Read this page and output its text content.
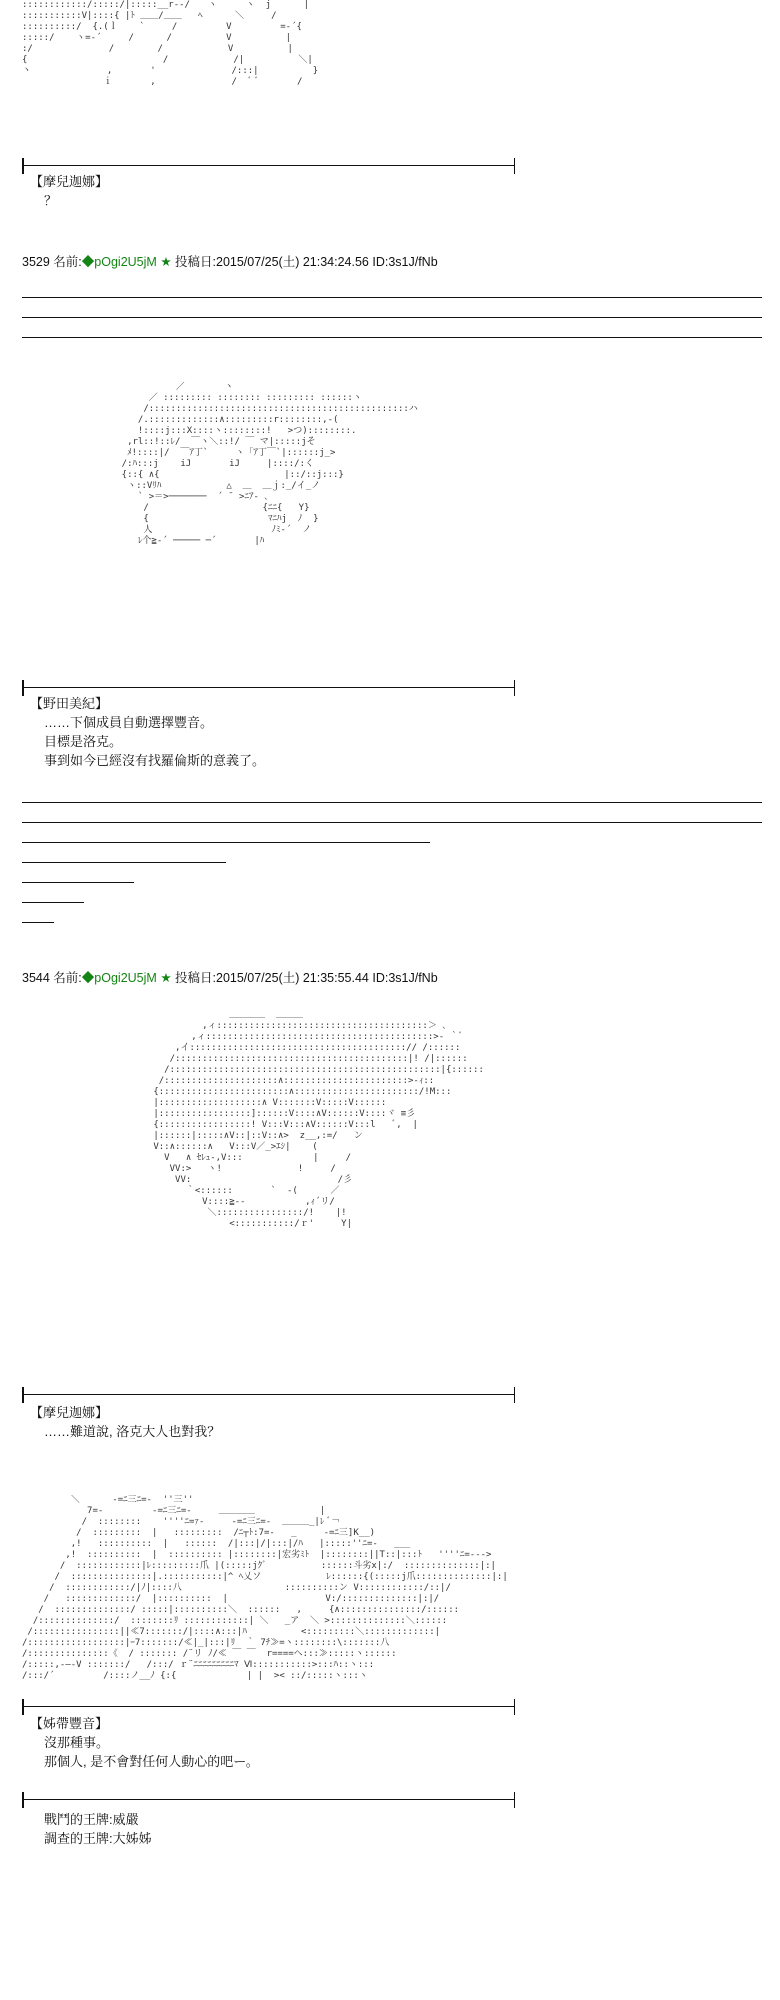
::::::::::::/:::::/|:::::__r‐-/￣￣ヽ￣ ￣ ヽ  j      |
:::::::::::V|::::{ |ﾄ ＿＿/＿＿   ﾍ      ＼     /
::::::::::/  {.(ｌ    `     /         V         =-´{
:::::/    ヽ=-´     /      /          V          |
:/              /        /            V          |
{                         /            /|          ＼|
丶              ,       '              /:::|          }
ｉ       ,              /  ﾞ ﾞ       /
【摩兒迦娜】
？
3529 名前:◆pOgi2U5jM ★ 投稿日:2015/07/25(土) 21:34:24.56 ID:3s1J/fNb
／￣    ￣ヽ
／ ::::::::: :::::::: ::::::::: ::::::ヽ
/::::::::::::::::::::::::::::::::::::::::::::::::ハ
/.:::::::::::::∧:::::::::r::::::::,-(
!::::j:::X::::ヽ::::::::!   >つ)::::::::.
,rl::!::ﾚ/  ￣ヽ＼::!/ ￣ マ|:::::jそ
ﾒ!::::|/  ￣ｱ丁`     ヽ「ｱ丁￣`|::::::j_>
/:ﾊ:::j    iJ       iJ     |::::/:く
{::{ ∧{                       |::/::j:::}
ヽ::Vﾘﾊ            △  ＿  ＿ｊ:_/イ_ノ
` >＝>───────  ´ ̄  >ﾆｱ‐ ､
/                     {ﾆﾆ{   Y}
{                      ﾏﾆﾊj  ﾉ  }
人                      ﾉﾐ‐´  ノ
ﾚ个≧-´ ───── ─´       |ﾊ
【野田美紀】
……下個成員自動選擇豐音。
目標是洛克。
事到如今已經沒有找羅倫斯的意義了。
3544 名前:◆pOgi2U5jM ★ 投稿日:2015/07/25(土) 21:35:55.44 ID:3s1J/fNb
＿＿＿＿  ＿＿＿
,ィ:::::::::::::::::::::::::::::::::::::::＞ ､
,ィ::::::::::::::::::::::::::::::::::::::::::>‐ ｀ﾞ
,イ::::::::::::::::::::::::::::::::::::::::// /::::::
/:::::::::::::::::::::::::::::::::::::::::::|! /|::::::
/::::::::::::::::::::::::::::::::::::::::::::::::::|{::::::
/:::::::::::::::::::::∧:::::::::::::::::::::::>‐ｨ::
{::::::::::::::::::::::::∧:::::::::::::::::::::::/!M:::
|:::::::::::::::::::∧ V:::::::V:::::V::::::
|:::::::::::::::::]::::::V::::∧V::::::V::::ヾ ≡彡
{:::::::::::::::::! V:::V:::∧V::::::V:::l   ﾞ,  |
|::::::|:::::∧V::|::V::∧>  z__,:=/   ン
V::∧::::::∧   V:::V／_>ｴｼ|    (
V   ∧ ｾﾚｭ-,V:::             |     /
VV:>   ヽ!              !     /
VV:                           /彡
｀<::::::       `  -(      ／
V::::≧-‐           ,ｨ´リ/
＼::::::::::::::::/!    |!
<:::::::::::/ｒ'     Y|
【摩兒迦娜】
……難道說, 洛克大人也對我？
＼      -=ﾆ三ﾆ=-  ''三''
7=-         -=ﾆ三ﾆ=-     ＿＿＿＿            |
/  ::::::::    ''''ﾆ=ｧ-     -=ﾆ三ﾆ=-  ＿＿＿_|ﾚ ﾞ￢
/  :::::::::  |   :::::::::  /ﾆ┬ﾄ:7=-   _     -=ﾆ三]K__)
,!   ::::::::::  |   ::::::  /|:::|/|:::|/ﾊ   |:::::''ﾆ=-   ___
,!  ::::::::::  |  :::::::::: |::::::::|宏劣ﾐﾄ  |::::::::||T::|:::ﾄ   ''''ﾆ=--->
/  ::::::::::::|ﾚ:::::::::爪 |(:::::jｸﾞ          ::::::斗劣x|:/  ::::::::::::::|:|
/  :::::::::::::::|.:::::::::::|^ ﾍ乂ソ            ﾚ::::::{(:::::j爪::::::::::::::|:|
/  ::::::::::::/|ﾉ|::::八                   ::::::::::ン V::::::::::::/::|/
/   :::::::::::::/  |::::::::::  |                  V:/::::::::::::::|:|/
/  ::::::::::::::/ :::::|::::::::::＼  ::::::   ,     {∧:::::::::::::::/::::::
/::::::::::::::/  ::::::::ﾘ ::::::::::::| ＼   _ア  ＼ >::::::::::::::＼::::::
/::::::::::::::::||≪7:::::::/|::::∧:::|ﾊ          <:::::::::＼:::::::::::::|
/::::::::::::::::::|ｰ7:::::::/≪|_|:::|ﾘ  ｀ 7ﾁ≫=ヽ::::::::\:::::::八
/:::::::::::::::《  / ::::::: /¨リ ﾉ/≪ ￣ ￣  r====ヘ:::≫:::::ヽ::::::
/:::::,-―-V :::::::/   /:::/ ｒ¨ﾆﾆﾆﾆﾆﾆﾆﾆﾆﾏ Ⅵ:::::::::::>:::ﾊ::ヽ:::
/:::/´         /::::ノ__ﾉ {:{             | |  >< ::/:::::ヽ:::ヽ
【姊帶豐音】
沒那種事。
那個人, 是不會對任何人動心的吧ー。
戰鬥的王牌:威嚴
調查的王牌:大姊姊
